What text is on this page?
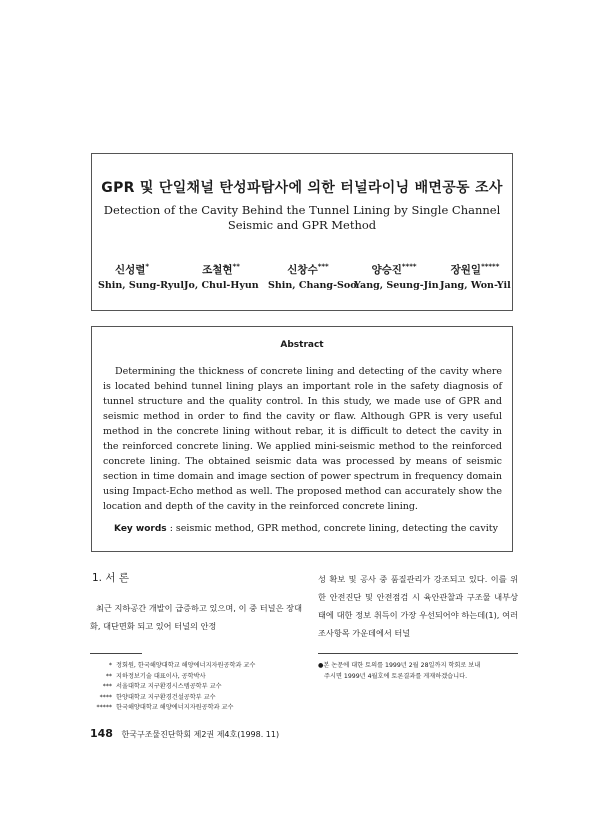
GPR 및 단일채널 탄성파탐사에 의한 터널라이닝 배면공동 조사
Detection of the Cavity Behind the Tunnel Lining by Single Channel
Seismic and GPR Method
신성렬*
Shin, Sung-Ryul
조철현**
Jo, Chul-Hyun
신창수***
Shin, Chang-Soo
양승진****
Yang, Seung-Jin
장원일*****
Jang, Won-Yil
Abstract
Determining the thickness of concrete lining and detecting of the cavity where is located behind tunnel lining plays an important role in the safety diagnosis of tunnel structure and the quality control. In this study, we made use of GPR and seismic method in order to find the cavity or flaw. Although GPR is very useful method in the concrete lining without rebar, it is difficult to detect the cavity in the reinforced concrete lining. We applied mini-seismic method to the reinforced concrete lining. The obtained seismic data was processed by means of seismic section in time domain and image section of power spectrum in frequency domain using Impact-Echo method as well. The proposed method can accurately show the location and depth of the cavity in the reinforced concrete lining.
Key words : seismic method, GPR method, concrete lining, detecting the cavity
1. 서 론

최근 지하공간 개발이 급증하고 있으며, 이 중 터널은 장대화, 대단면화 되고 있어 터널의 안정

성 확보 및 공사 중 품질관리가 강조되고 있다. 이를 위한 안전진단 및 안전점검 시 육안관찰과 구조물 내부상태에 대한 정보 취득이 가장 우선되어야 하는데(1), 여러 조사항목 가운데에서 터널

* 정회원, 한국해양대학교 해양에너지자원공학과 교수
** 지하정보기술 대표이사, 공학박사
*** 서울대학교 지구환경시스템공학부 교수
**** 한양대학교 지구환경건설공학부 교수
***** 한국해양대학교 해양에너지자원공학과 교수
●본 논문에 대한 토의를 1999년 2월 28일까지 학회로 보내
주시면 1999년 4월호에 토론결과를 게재하겠습니다.
148 한국구조물진단학회 제2권 제4호(1998. 11)
